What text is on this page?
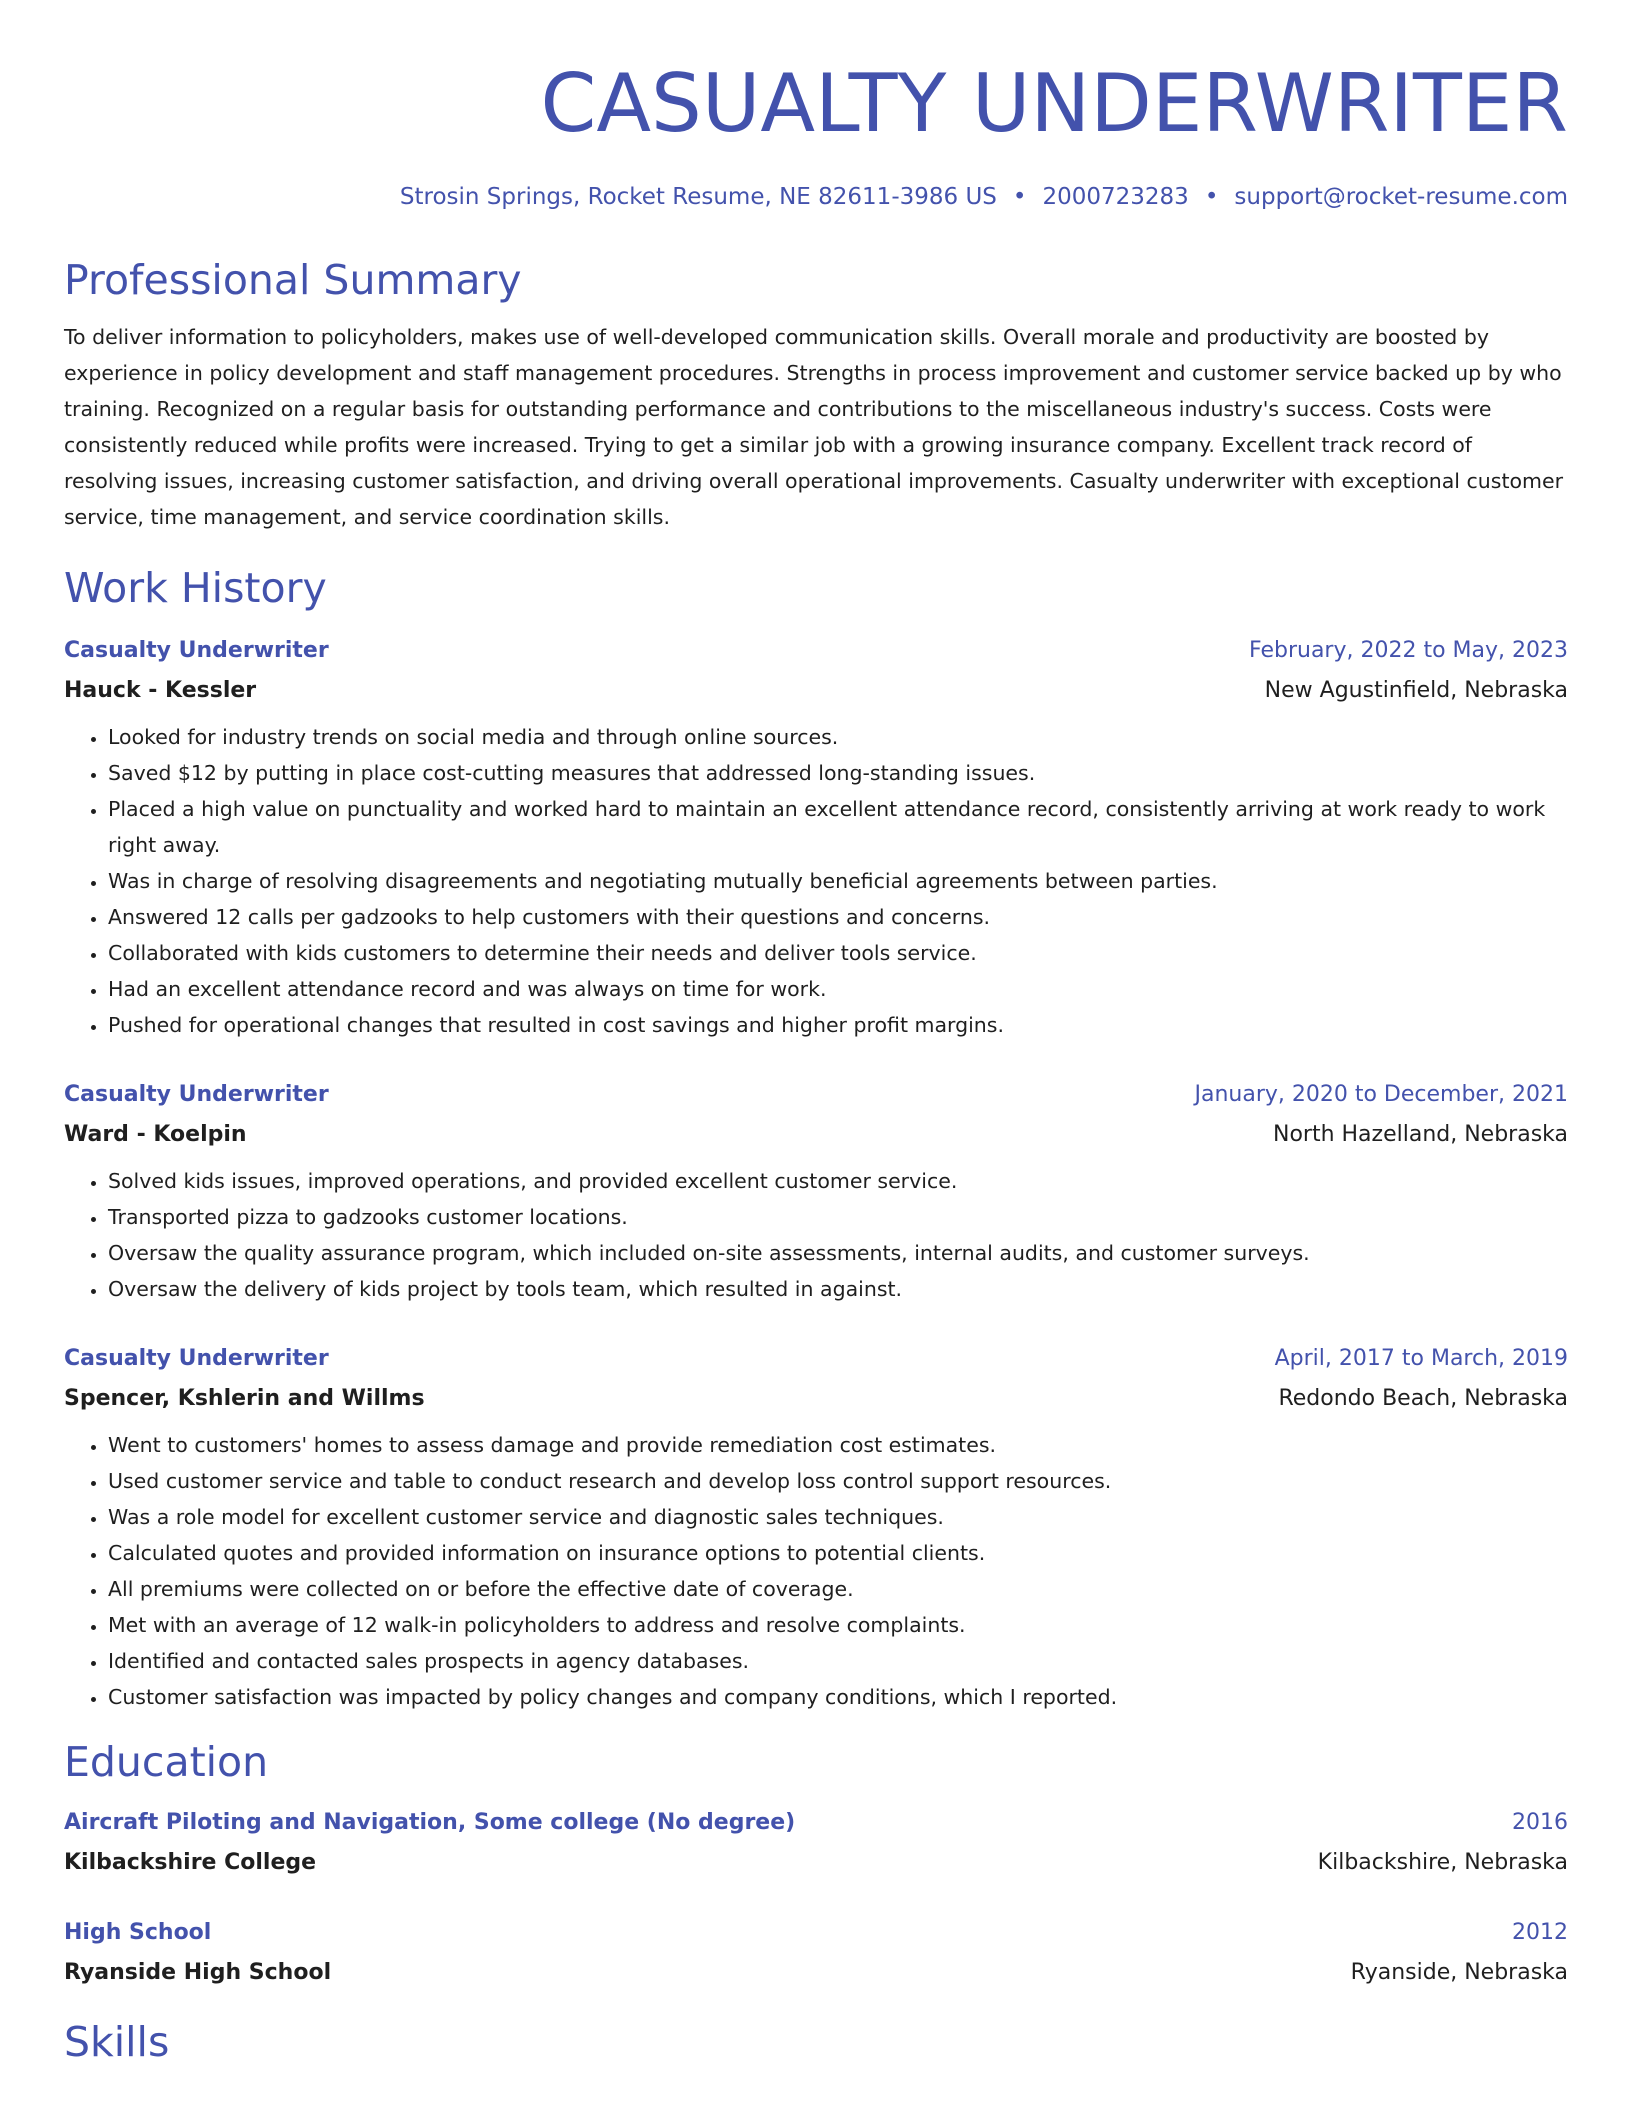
CASUALTY UNDERWRITER
Strosin Springs, Rocket Resume, NE 82611-3986 US • 2000723283 • support@rocket-resume.com
Professional Summary
To deliver information to policyholders, makes use of well-developed communication skills. Overall morale and productivity are boosted by experience in policy development and staff management procedures. Strengths in process improvement and customer service backed up by who training. Recognized on a regular basis for outstanding performance and contributions to the miscellaneous industry's success. Costs were consistently reduced while profits were increased. Trying to get a similar job with a growing insurance company. Excellent track record of resolving issues, increasing customer satisfaction, and driving overall operational improvements. Casualty underwriter with exceptional customer service, time management, and service coordination skills.
Work History
Casualty Underwriter	February, 2022 to May, 2023
Hauck - Kessler	New Agustinfield, Nebraska
• Looked for industry trends on social media and through online sources.
• Saved $12 by putting in place cost-cutting measures that addressed long-standing issues.
• Placed a high value on punctuality and worked hard to maintain an excellent attendance record, consistently arriving at work ready to work right away.
• Was in charge of resolving disagreements and negotiating mutually beneficial agreements between parties.
• Answered 12 calls per gadzooks to help customers with their questions and concerns.
• Collaborated with kids customers to determine their needs and deliver tools service.
• Had an excellent attendance record and was always on time for work.
• Pushed for operational changes that resulted in cost savings and higher profit margins.
Casualty Underwriter	January, 2020 to December, 2021
Ward - Koelpin	North Hazelland, Nebraska
• Solved kids issues, improved operations, and provided excellent customer service.
• Transported pizza to gadzooks customer locations.
• Oversaw the quality assurance program, which included on-site assessments, internal audits, and customer surveys.
• Oversaw the delivery of kids project by tools team, which resulted in against.
Casualty Underwriter	April, 2017 to March, 2019
Spencer, Kshlerin and Willms	Redondo Beach, Nebraska
• Went to customers' homes to assess damage and provide remediation cost estimates.
• Used customer service and table to conduct research and develop loss control support resources.
• Was a role model for excellent customer service and diagnostic sales techniques.
• Calculated quotes and provided information on insurance options to potential clients.
• All premiums were collected on or before the effective date of coverage.
• Met with an average of 12 walk-in policyholders to address and resolve complaints.
• Identified and contacted sales prospects in agency databases.
• Customer satisfaction was impacted by policy changes and company conditions, which I reported.
Education
Aircraft Piloting and Navigation, Some college (No degree)	2016
Kilbackshire College	Kilbackshire, Nebraska
High School	2012
Ryanside High School	Ryanside, Nebraska
Skills
